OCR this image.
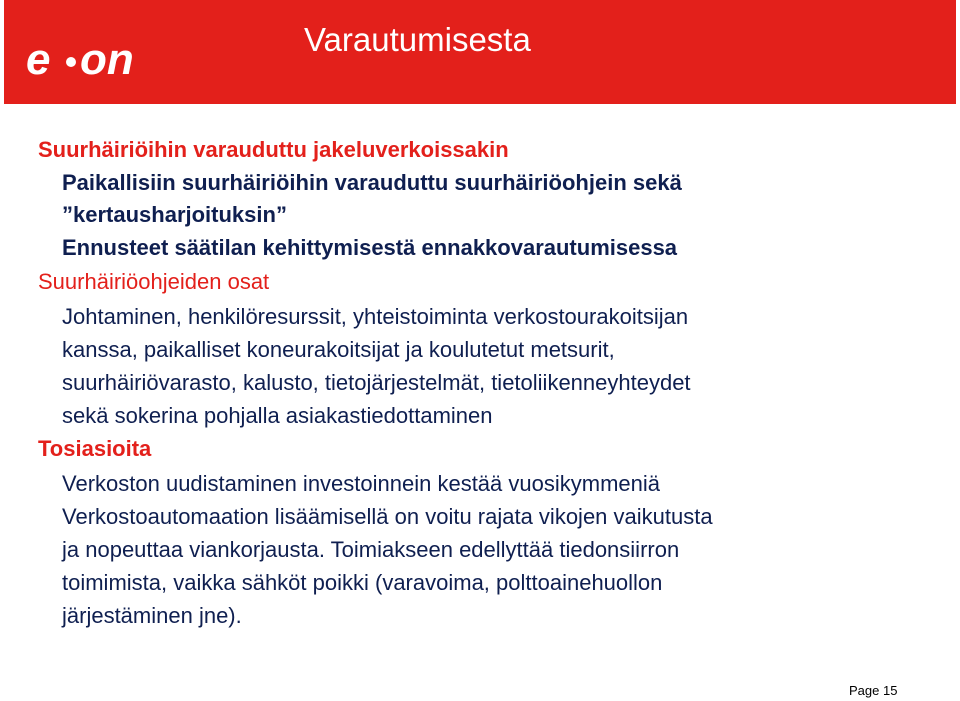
e on	Varautumisesta
Suurhäiriöihin varauduttu jakeluverkoissakin
Paikallisiin suurhäiriöihin varauduttu suurhäiriöohjein sekä
”kertausharjoituksin”
Ennusteet säätilan kehittymisestä ennakkovarautumisessa
Suurhäiriöohjeiden osat
Johtaminen, henkilöresurssit, yhteistoiminta verkostourakoitsijan
kanssa, paikalliset koneurakoitsijat ja koulutetut metsurit,
suurhäiriövarasto, kalusto, tietojärjestelmät, tietoliikenneyhteydet
sekä sokerina pohjalla asiakastiedottaminen
Tosiasioita
Verkoston uudistaminen investoinnein kestää vuosikymmeniä
Verkostoautomaation lisäämisellä on voitu rajata vikojen vaikutusta
ja nopeuttaa viankorjausta. Toimiakseen edellyttää tiedonsiirron
toimimista, vaikka sähköt poikki (varavoima, polttoainehuollon
järjestäminen jne).
Page 15
